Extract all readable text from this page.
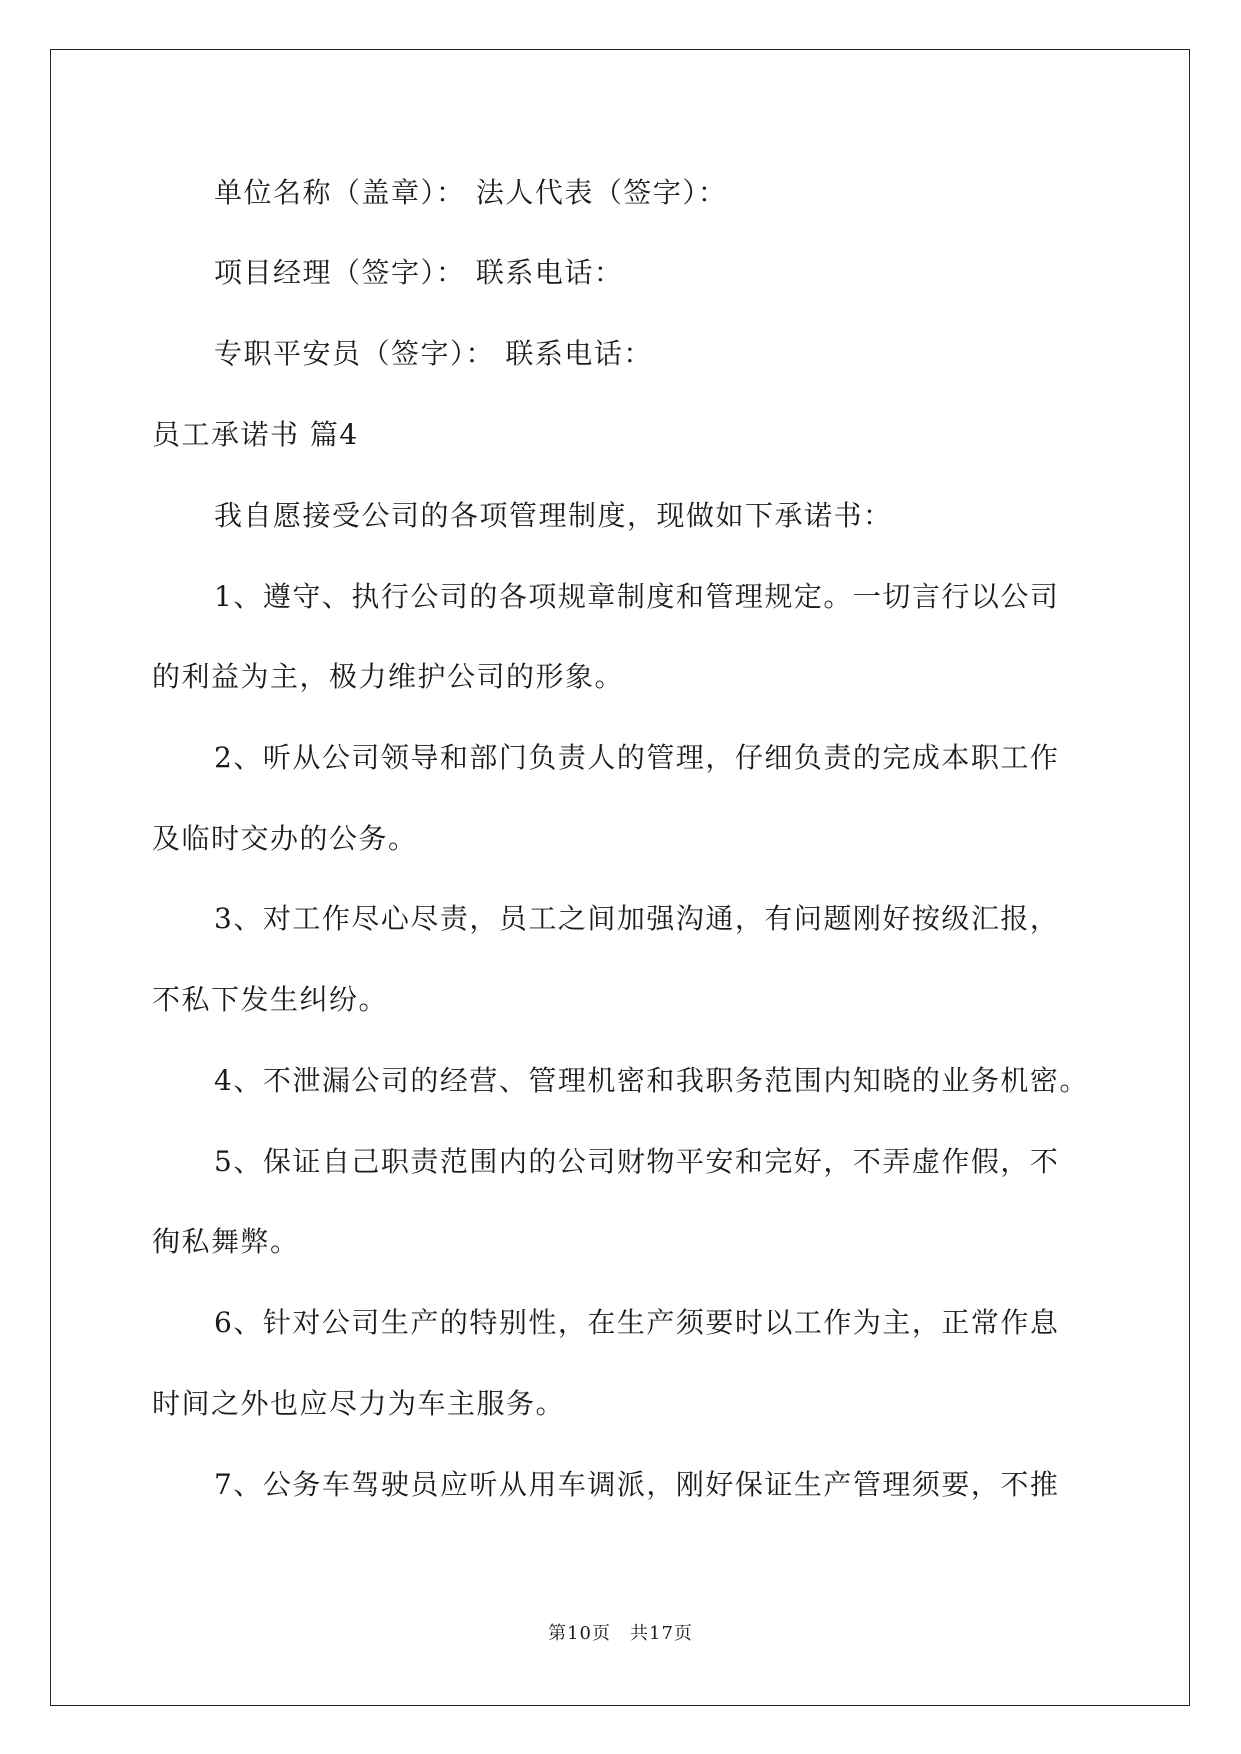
单位名称（盖章）： 法人代表（签字）：
项目经理（签字）： 联系电话：
专职平安员（签字）： 联系电话：
员工承诺书 篇4
我自愿接受公司的各项管理制度，现做如下承诺书：
1、遵守、执行公司的各项规章制度和管理规定。一切言行以公司
的利益为主，极力维护公司的形象。
2、听从公司领导和部门负责人的管理，仔细负责的完成本职工作
及临时交办的公务。
3、对工作尽心尽责，员工之间加强沟通，有问题刚好按级汇报，
不私下发生纠纷。
4、不泄漏公司的经营、管理机密和我职务范围内知晓的业务机密。
5、保证自己职责范围内的公司财物平安和完好，不弄虚作假，不
徇私舞弊。
6、针对公司生产的特别性，在生产须要时以工作为主，正常作息
时间之外也应尽力为车主服务。
7、公务车驾驶员应听从用车调派，刚好保证生产管理须要，不推
第10页　共17页
